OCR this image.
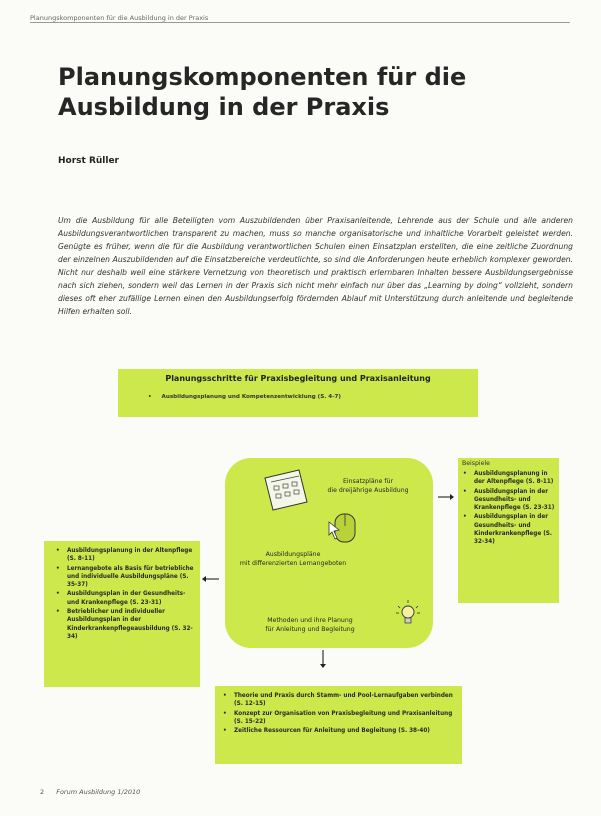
Planungskomponenten für die Ausbildung in der Praxis
Planungskomponenten für die
Ausbildung in der Praxis
Horst Rüller
Um die Ausbildung für alle Beteiligten vom Auszubildenden über Praxisanleitende, Lehrende aus der Schule und alle anderen Ausbildungsverantwortlichen transparent zu machen, muss so manche organisatorische und inhaltliche Vorarbeit geleistet werden. Genügte es früher, wenn die für die Ausbildung verantwortlichen Schulen einen Einsatzplan erstellten, die eine zeitliche Zuordnung der einzelnen Auszubildenden auf die Einsatzbereiche verdeutlichte, so sind die Anforderungen heute erheblich komplexer geworden. Nicht nur deshalb weil eine stärkere Vernetzung von theoretisch und praktisch erlernbaren Inhalten bessere Ausbildungsergebnisse nach sich ziehen, sondern weil das Lernen in der Praxis sich nicht mehr einfach nur über das „Learning by doing“ vollzieht, sondern dieses oft eher zufällige Lernen einen den Ausbildungserfolg fördernden Ablauf mit Unterstützung durch anleitende und begleitende Hilfen erhalten soll.
Planungsschritte für Praxisbegleitung und Praxisanleitung
• Ausbildungsplanung und Kompetenzentwicklung (S. 4-7)
Einsatzpläne für
die dreijährige Ausbildung
Ausbildungspläne
mit differenzierten Lernangeboten
Methoden und ihre Planung
für Anleitung und Begleitung
Beispiele
• Ausbildungsplanung in der Altenpflege (S. 8-11)
• Ausbildungsplan in der Gesundheits- und Krankenpflege (S. 23-31)
• Ausbildungsplan in der Gesundheits- und Kinderkrankenpflege (S. 32-34)
• Ausbildungsplanung in der Altenpflege (S. 8-11)
• Lernangebote als Basis für betriebliche und individuelle Ausbildungspläne (S. 35-37)
• Ausbildungsplan in der Gesundheits- und Krankenpflege (S. 23-31)
• Betrieblicher und individueller Ausbildungsplan in der Kinderkrankenpflegeausbildung (S. 32-34)
• Theorie und Praxis durch Stamm- und Pool-Lernaufgaben verbinden (S. 12-15)
• Konzept zur Organisation von Praxisbegleitung und Praxisanleitung (S. 15-22)
• Zeitliche Ressourcen für Anleitung und Begleitung (S. 38-40)
2 Forum Ausbildung 1/2010
